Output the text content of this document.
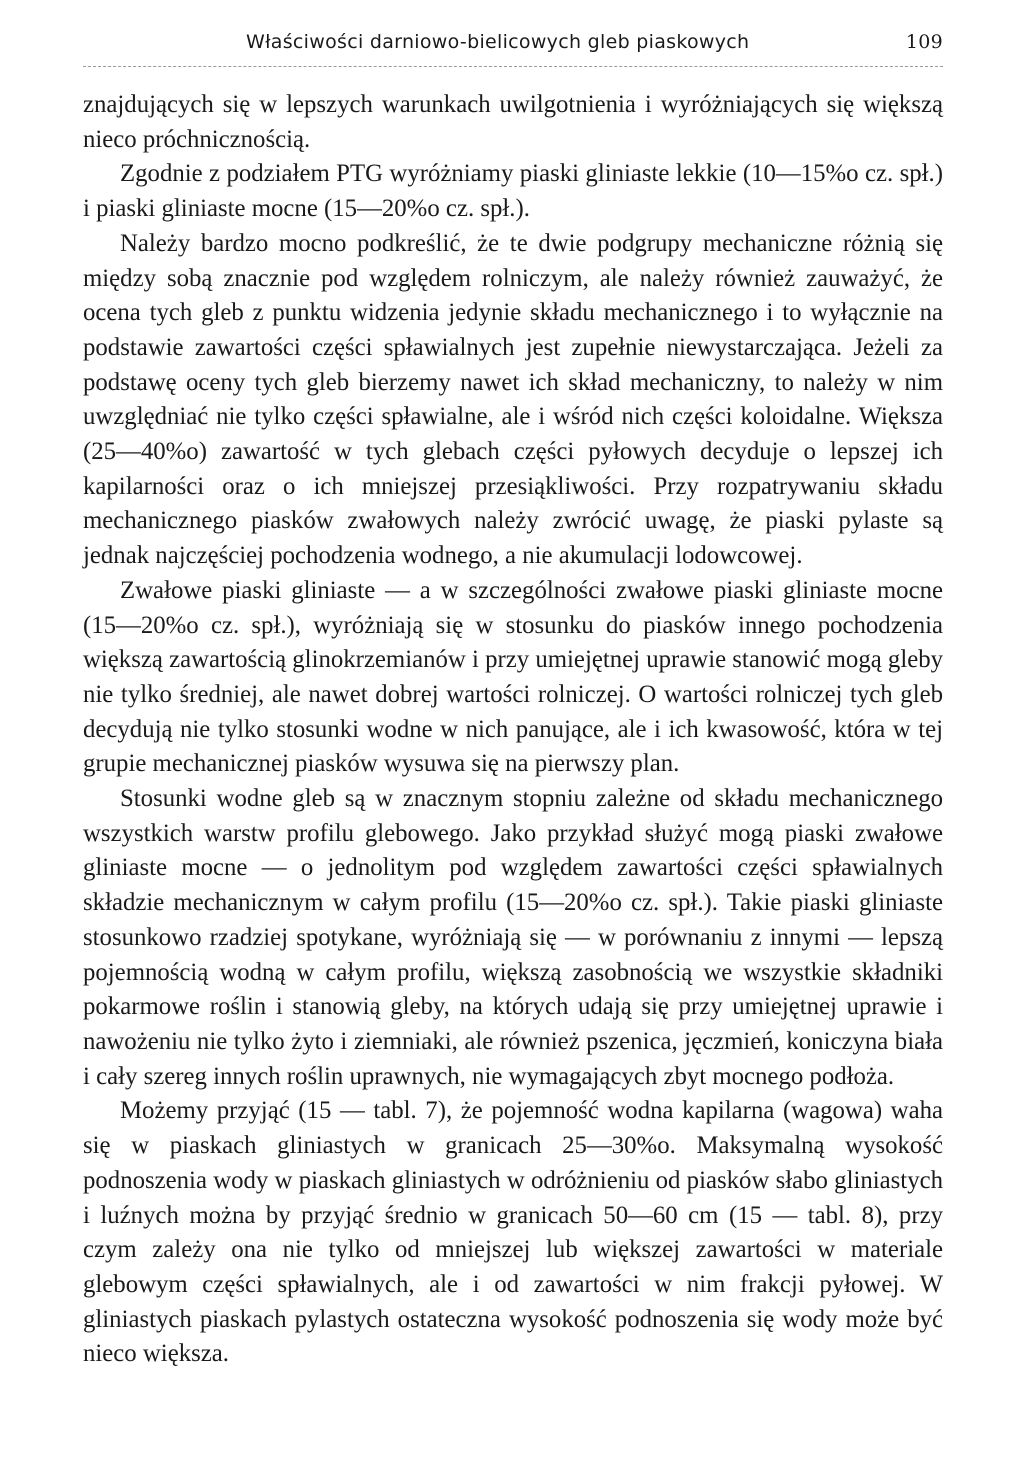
Właściwości darniowo-bielicowych gleb piaskowych	109

znajdujących się w lepszych warunkach uwilgotnienia i wyróżniających się większą nieco próchnicznością.

Zgodnie z podziałem PTG wyróżniamy piaski gliniaste lekkie (10—15%o cz. spł.) i piaski gliniaste mocne (15—20%o cz. spł.).

Należy bardzo mocno podkreślić, że te dwie podgrupy mechaniczne różnią się między sobą znacznie pod względem rolniczym, ale należy również zauważyć, że ocena tych gleb z punktu widzenia jedynie składu mechanicznego i to wyłącznie na podstawie zawartości części spławialnych jest zupełnie niewystarczająca. Jeżeli za podstawę oceny tych gleb bierzemy nawet ich skład mechaniczny, to należy w nim uwzględniać nie tylko części spławialne, ale i wśród nich części koloidalne. Większa (25—40%o) zawartość w tych glebach części pyłowych decyduje o lepszej ich kapilarności oraz o ich mniejszej przesiąkliwości. Przy rozpatrywaniu składu mechanicznego piasków zwałowych należy zwrócić uwagę, że piaski pylaste są jednak najczęściej pochodzenia wodnego, a nie akumulacji lodowcowej.

Zwałowe piaski gliniaste — a w szczególności zwałowe piaski gliniaste mocne (15—20%o cz. spł.), wyróżniają się w stosunku do piasków innego pochodzenia większą zawartością glinokrzemianów i przy umiejętnej uprawie stanowić mogą gleby nie tylko średniej, ale nawet dobrej wartości rolniczej. O wartości rolniczej tych gleb decydują nie tylko stosunki wodne w nich panujące, ale i ich kwasowość, która w tej grupie mechanicznej piasków wysuwa się na pierwszy plan.

Stosunki wodne gleb są w znacznym stopniu zależne od składu mechanicznego wszystkich warstw profilu glebowego. Jako przykład służyć mogą piaski zwałowe gliniaste mocne — o jednolitym pod względem zawartości części spławialnych składzie mechanicznym w całym profilu (15—20%o cz. spł.). Takie piaski gliniaste stosunkowo rzadziej spotykane, wyróżniają się — w porównaniu z innymi — lepszą pojemnością wodną w całym profilu, większą zasobnością we wszystkie składniki pokarmowe roślin i stanowią gleby, na których udają się przy umiejętnej uprawie i nawożeniu nie tylko żyto i ziemniaki, ale również pszenica, jęczmień, koniczyna biała i cały szereg innych roślin uprawnych, nie wymagających zbyt mocnego podłoża.

Możemy przyjąć (15 — tabl. 7), że pojemność wodna kapilarna (wagowa) waha się w piaskach gliniastych w granicach 25—30%o. Maksymalną wysokość podnoszenia wody w piaskach gliniastych w odróżnieniu od piasków słabo gliniastych i luźnych można by przyjąć średnio w granicach 50—60 cm (15 — tabl. 8), przy czym zależy ona nie tylko od mniejszej lub większej zawartości w materiale glebowym części spławialnych, ale i od zawartości w nim frakcji pyłowej. W gliniastych piaskach pylastych ostateczna wysokość podnoszenia się wody może być nieco większa.
